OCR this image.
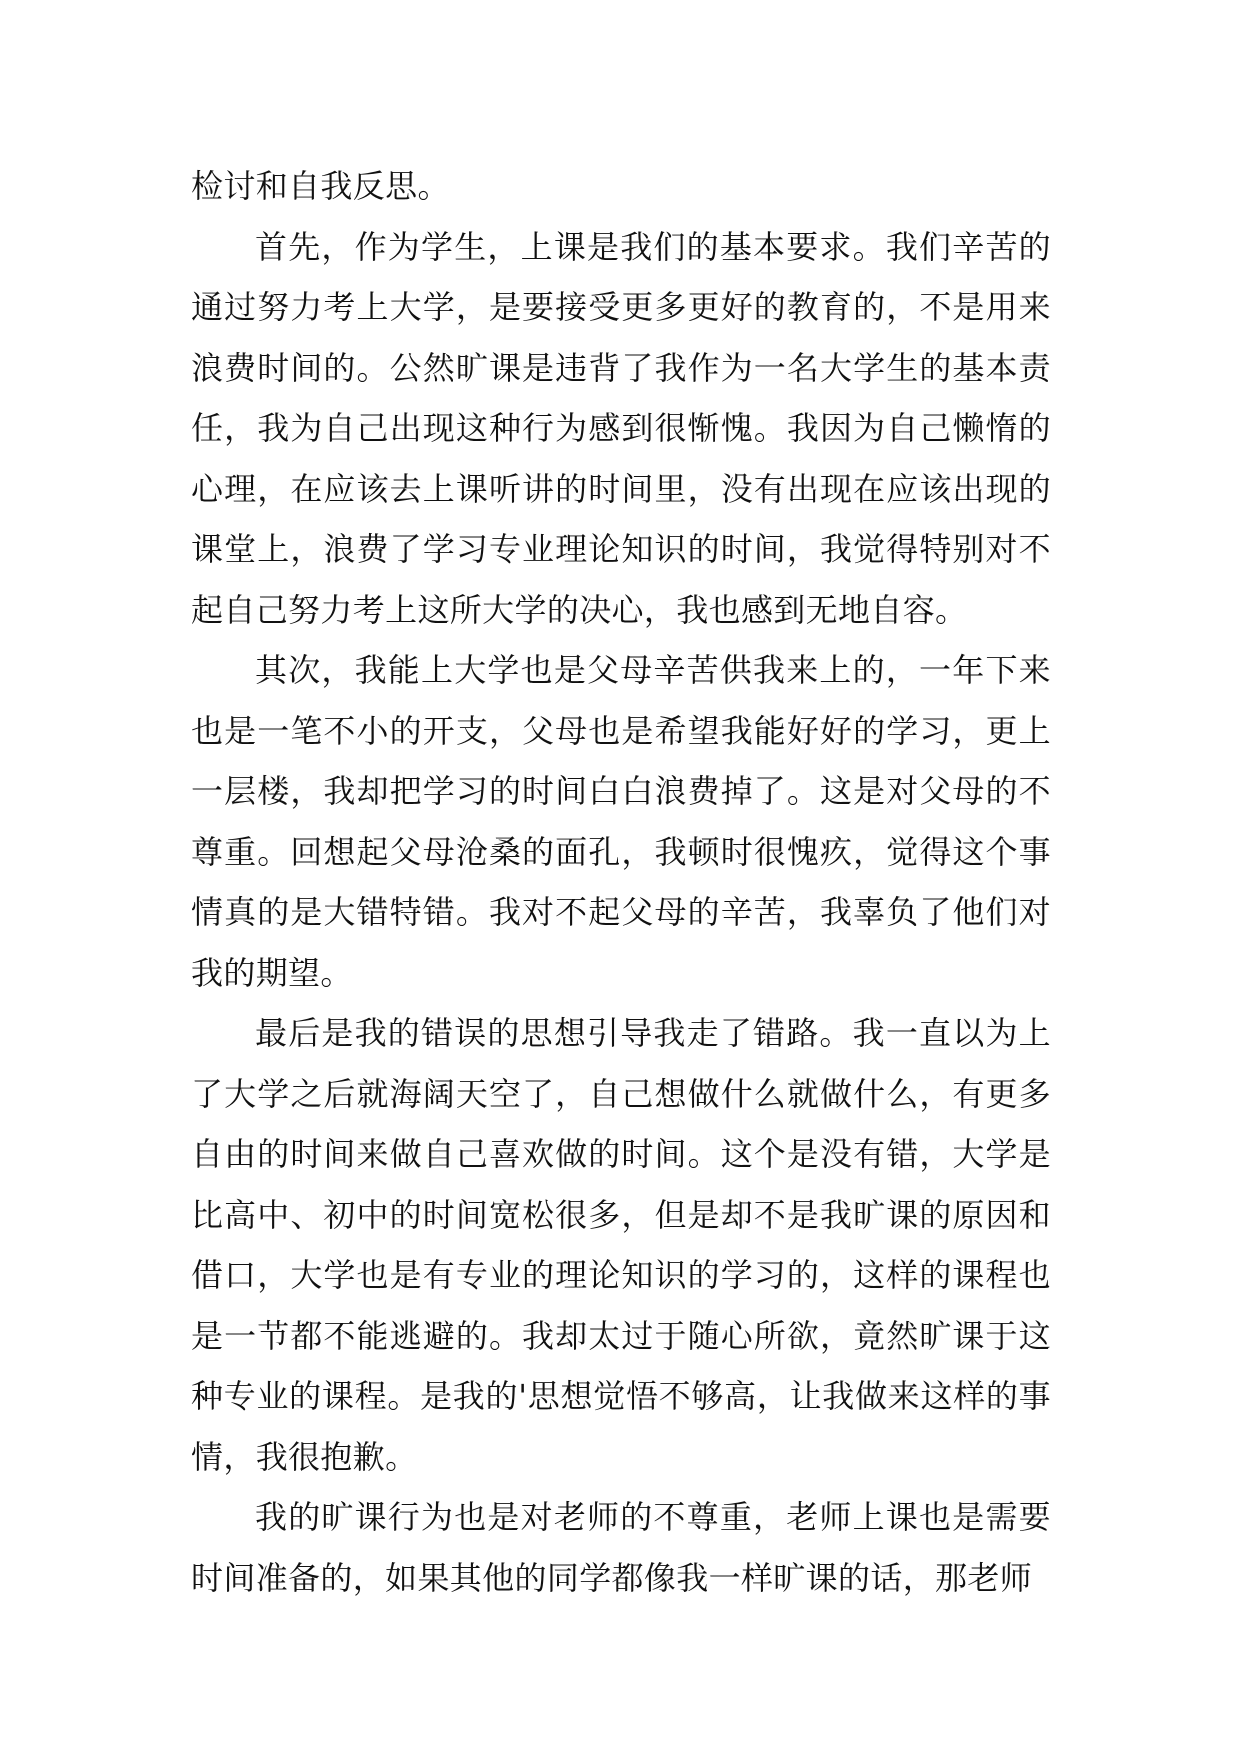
检讨和自我反思。

首先，作为学生，上课是我们的基本要求。我们辛苦的通过努力考上大学，是要接受更多更好的教育的，不是用来浪费时间的。公然旷课是违背了我作为一名大学生的基本责任，我为自己出现这种行为感到很惭愧。我因为自己懒惰的心理，在应该去上课听讲的时间里，没有出现在应该出现的课堂上，浪费了学习专业理论知识的时间，我觉得特别对不起自己努力考上这所大学的决心，我也感到无地自容。

其次，我能上大学也是父母辛苦供我来上的，一年下来也是一笔不小的开支，父母也是希望我能好好的学习，更上一层楼，我却把学习的时间白白浪费掉了。这是对父母的不尊重。回想起父母沧桑的面孔，我顿时很愧疚，觉得这个事情真的是大错特错。我对不起父母的辛苦，我辜负了他们对我的期望。

最后是我的错误的思想引导我走了错路。我一直以为上了大学之后就海阔天空了，自己想做什么就做什么，有更多自由的时间来做自己喜欢做的时间。这个是没有错，大学是比高中、初中的时间宽松很多，但是却不是我旷课的原因和借口，大学也是有专业的理论知识的学习的，这样的课程也是一节都不能逃避的。我却太过于随心所欲，竟然旷课于这种专业的课程。是我的'思想觉悟不够高，让我做来这样的事情，我很抱歉。

我的旷课行为也是对老师的不尊重，老师上课也是需要时间准备的，如果其他的同学都像我一样旷课的话，那老师
